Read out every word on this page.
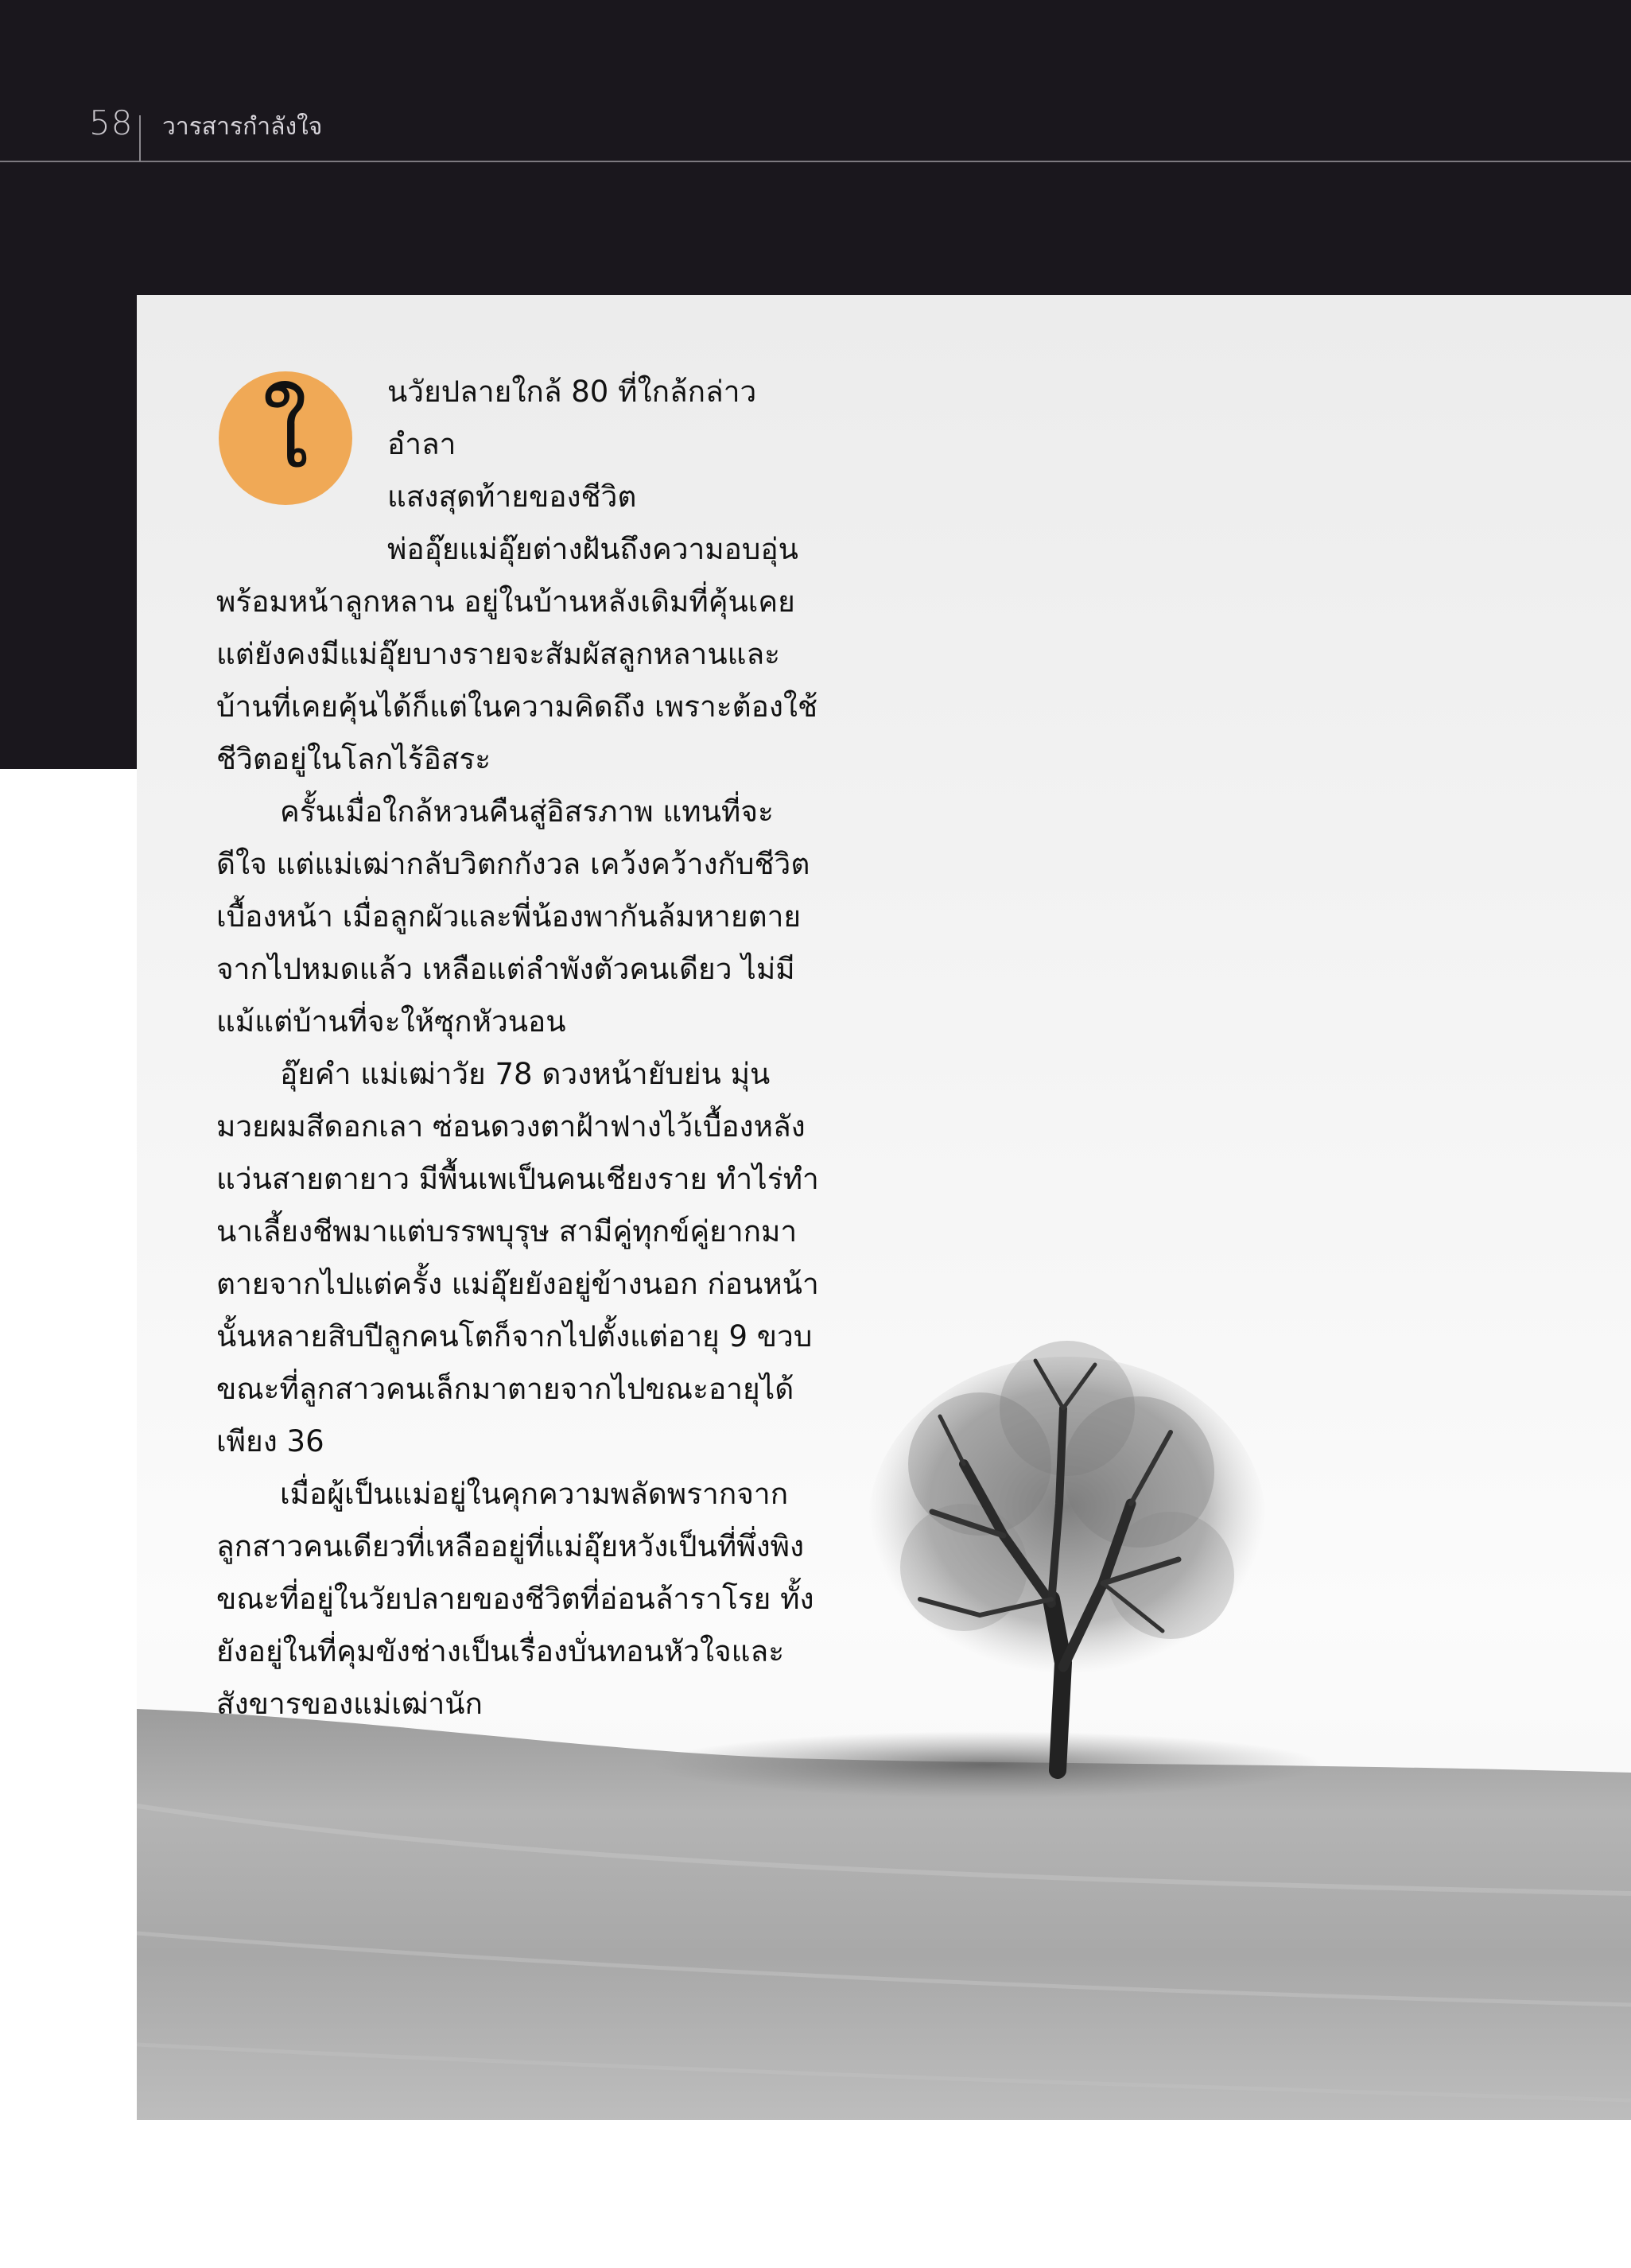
58 วารสารกำลังใจ
ใ	นวัยปลายใกล้ 80 ที่ใกล้กล่าวอำลา

แสงสุดท้ายของชีวิต

พ่ออุ๊ยแม่อุ๊ยต่างฝันถึงความอบอุ่น

พร้อมหน้าลูกหลาน อยู่ในบ้านหลังเดิมที่คุ้นเคยแต่ยังคงมีแม่อุ๊ยบางรายจะสัมผัสลูกหลานและบ้านที่เคยคุ้นได้ก็แต่ในความคิดถึง เพราะต้องใช้ชีวิตอยู่ในโลกไร้อิสระ

ครั้นเมื่อใกล้หวนคืนสู่อิสรภาพ แทนที่จะดีใจ แต่แม่เฒ่ากลับวิตกกังวล เคว้งคว้างกับชีวิตเบื้องหน้า เมื่อลูกผัวและพี่น้องพากันล้มหายตายจากไปหมดแล้ว เหลือแต่ลำพังตัวคนเดียว ไม่มีแม้แต่บ้านที่จะให้ซุกหัวนอน

อุ๊ยคำ แม่เฒ่าวัย 78 ดวงหน้ายับย่น มุ่นมวยผมสีดอกเลา ซ่อนดวงตาฝ้าฟางไว้เบื้องหลังแว่นสายตายาว มีพื้นเพเป็นคนเชียงราย ทำไร่ทำนาเลี้ยงชีพมาแต่บรรพบุรุษ สามีคู่ทุกข์คู่ยากมาตายจากไปแต่ครั้ง แม่อุ๊ยยังอยู่ข้างนอก ก่อนหน้านั้นหลายสิบปีลูกคนโตก็จากไปตั้งแต่อายุ 9 ขวบ ขณะที่ลูกสาวคนเล็กมาตายจากไปขณะอายุได้เพียง 36

เมื่อผู้เป็นแม่อยู่ในคุกความพลัดพรากจากลูกสาวคนเดียวที่เหลืออยู่ที่แม่อุ๊ยหวังเป็นที่พึ่งพิง ขณะที่อยู่ในวัยปลายของชีวิตที่อ่อนล้าราโรย ทั้งยังอยู่ในที่คุมขังช่างเป็นเรื่องบั่นทอนหัวใจและสังขารของแม่เฒ่านัก
